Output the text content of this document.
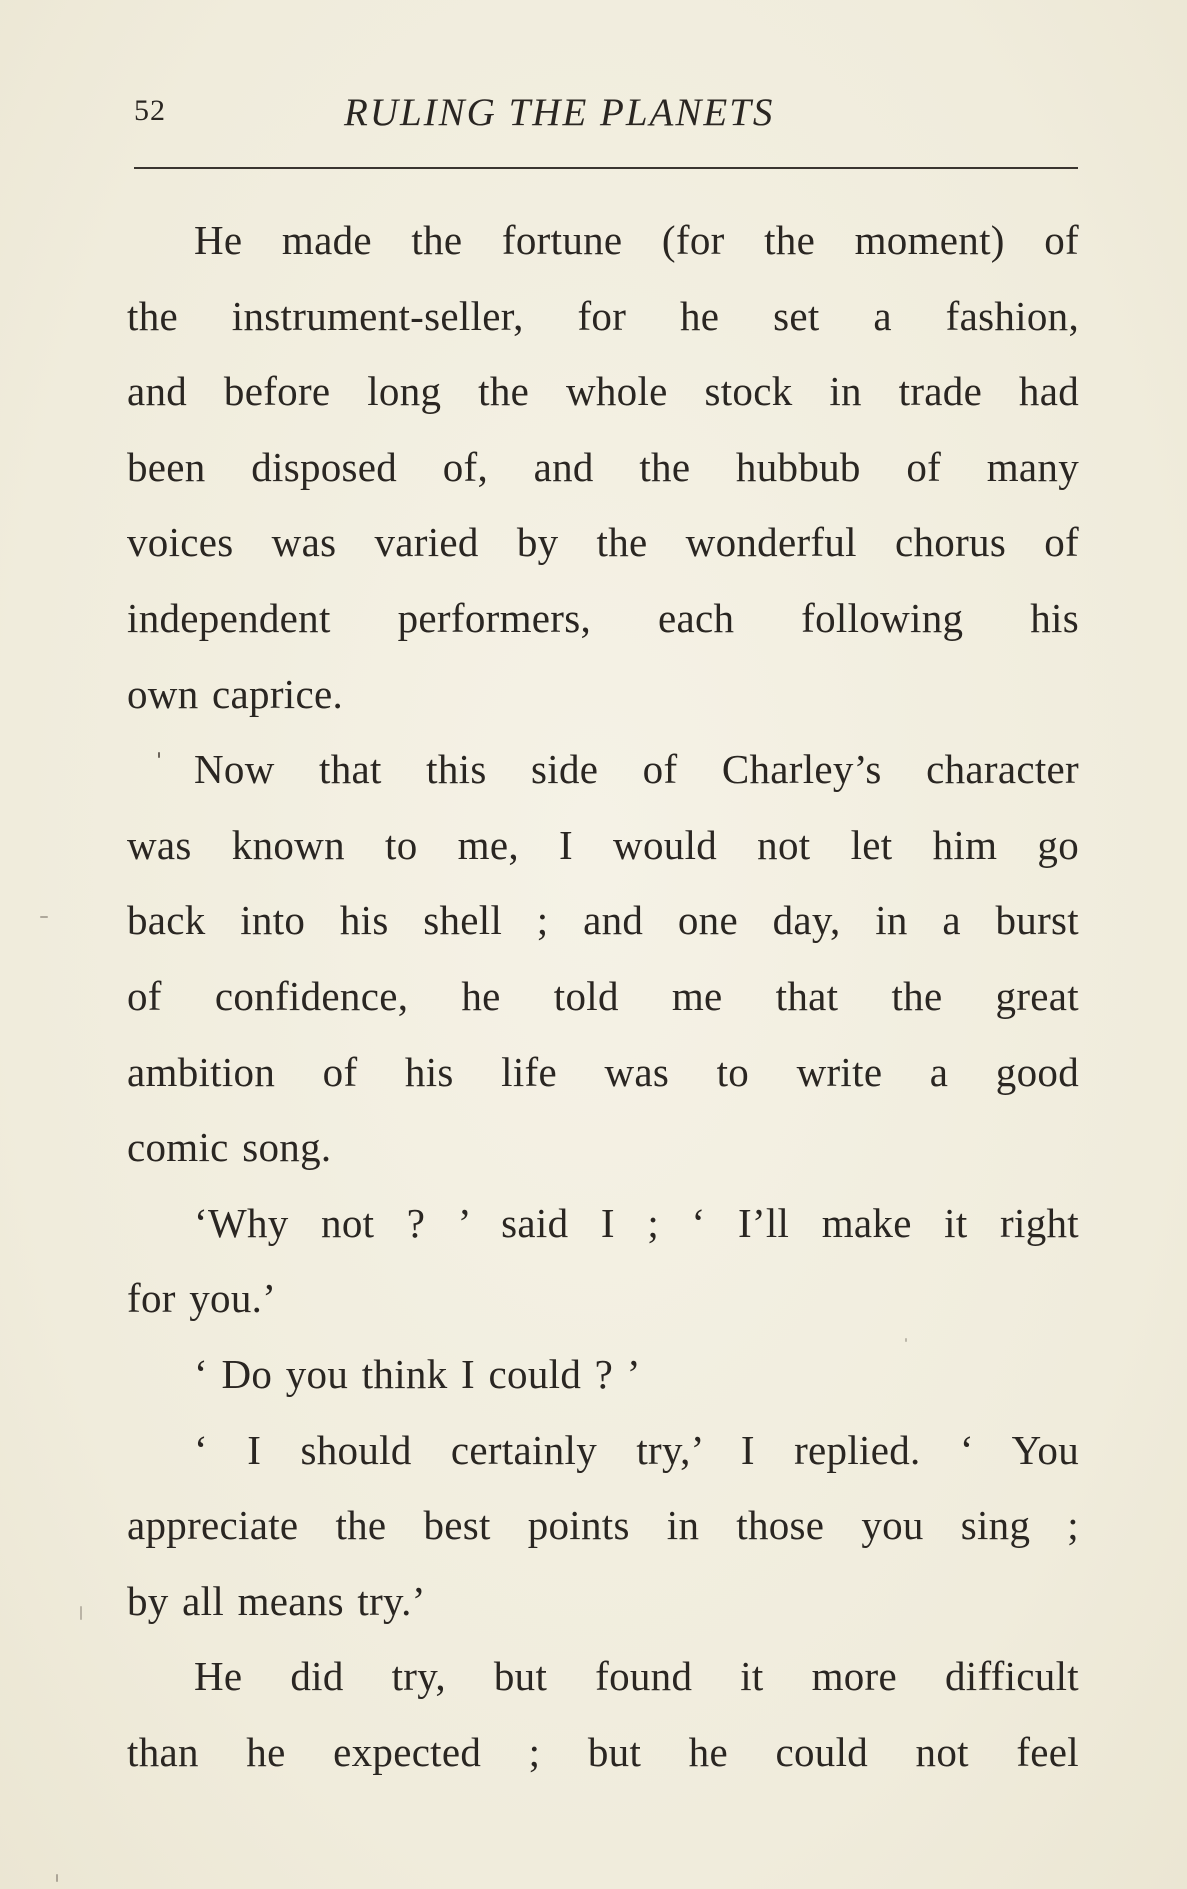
52	RULING THE PLANETS
He made the fortune (for the moment) of
the instrument-seller, for he set a fashion,
and before long the whole stock in trade had
been disposed of, and the hubbub of many
voices was varied by the wonderful chorus of
independent performers, each following his
own caprice.
Now that this side of Charley’s character
was known to me, I would not let him go
back into his shell ; and one day, in a burst
of confidence, he told me that the great
ambition of his life was to write a good
comic song.
‘Why not ? ’ said I ; ‘ I’ll make it right
for you.’
‘ Do you think I could ? ’
‘ I should certainly try,’ I replied. ‘ You
appreciate the best points in those you sing ;
by all means try.’
He did try, but found it more difficult
than he expected ; but he could not feel
